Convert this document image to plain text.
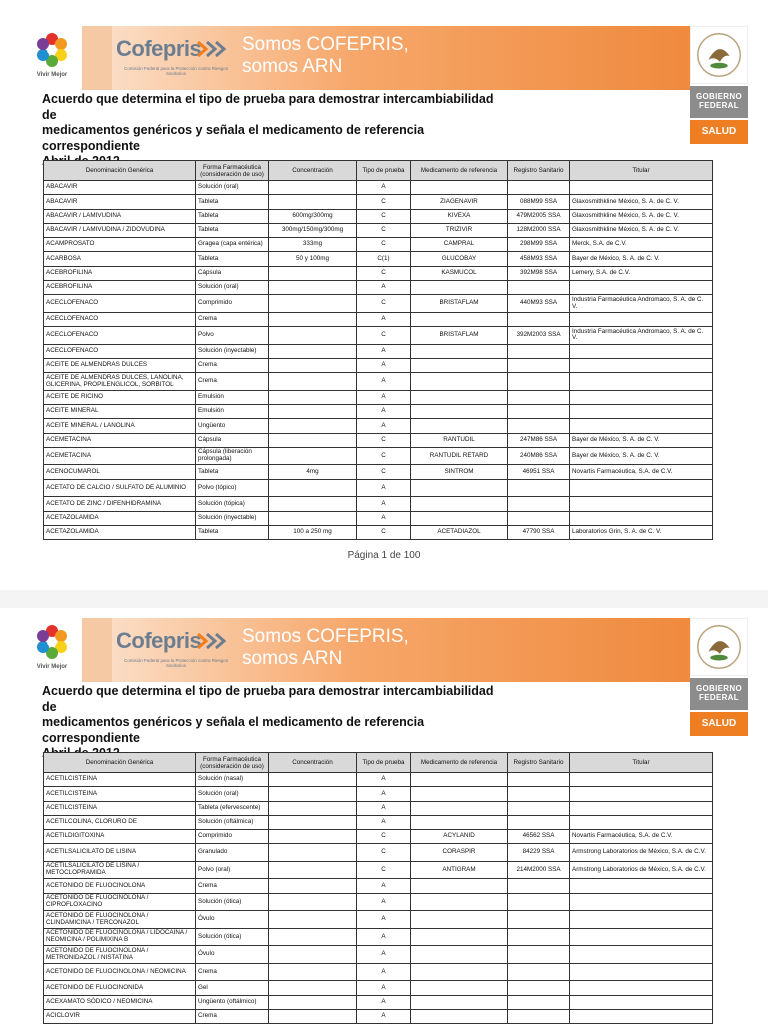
Vivir Mejor
Cofepris
Comisión Federal para la Protección contra Riesgos Sanitarios
Somos COFEPRIS,
somos ARN
GOBIERNO
FEDERAL
SALUD
Acuerdo que determina el tipo de prueba para demostrar intercambiabilidad de
medicamentos genéricos y señala el medicamento de referencia
correspondiente
Denominación Genérica	Forma Farmacéutica (consideración de uso)	Concentración	Tipo de prueba	Medicamento de referencia	Registro Sanitario	Titular
ABACAVIR	Solución (oral)		A			
ABACAVIR	Tableta		C	ZIAGENAVIR	088M99 SSA	Glaxosmithkline México, S. A. de C. V.
ABACAVIR / LAMIVUDINA	Tableta	600mg/300mg	C	KIVEXA	479M2005 SSA	Glaxosmithkline México, S. A. de C. V.
ABACAVIR / LAMIVUDINA / ZIDOVUDINA	Tableta	300mg/150mg/300mg	C	TRIZIVIR	128M2000 SSA	Glaxosmithkline México, S. A. de C. V.
ACAMPROSATO	Gragea (capa entérica)	333mg	C	CAMPRAL	298M99 SSA	Merck, S.A. de C.V.
ACARBOSA	Tableta	50 y 100mg	C(1)	GLUCOBAY	458M93 SSA	Bayer de México, S. A. de C. V.
ACEBROFILINA	Cápsula		C	KASMUCOL	392M98 SSA	Lemery, S.A. de C.V.
ACEBROFILINA	Solución (oral)		A			
ACECLOFENACO	Comprimido		C	BRISTAFLAM	440M93 SSA	Industria Farmacéutica Andromaco, S. A. de C. V.
ACECLOFENACO	Crema		A			
ACECLOFENACO	Polvo		C	BRISTAFLAM	392M2003 SSA	Industria Farmacéutica Andromaco, S. A. de C. V.
ACECLOFENACO	Solución (inyectable)		A			
ACEITE DE ALMENDRAS DULCES	Crema		A			
ACEITE DE ALMENDRAS DULCES, LANOLINA, GLICERINA, PROPILENGLICOL, SORBITOL	Crema		A			
ACEITE DE RICINO	Emulsión		A			
ACEITE MINERAL	Emulsión		A			
ACEITE MINERAL / LANOLINA	Ungüento		A			
ACEMETACINA	Cápsula		C	RANTUDIL	247M86 SSA	Bayer de México, S. A. de C. V.
ACEMETACINA	Cápsula (liberación prolongada)		C	RANTUDIL RETARD	240M86 SSA	Bayer de México, S. A. de C. V.
ACENOCUMAROL	Tableta	4mg	C	SINTROM	46951 SSA	Novartis Farmacéutica, S.A. de C.V.
ACETATO DE CALCIO / SULFATO DE ALUMINIO	Polvo (tópico)		A			
ACETATO DE ZINC / DIFENHIDRAMINA	Solución (tópica)		A			
ACETAZOLAMIDA	Solución (inyectable)		A			
ACETAZOLAMIDA	Tableta	100 a 250 mg	C	ACETADIAZOL	47790 SSA	Laboratorios Grin, S. A. de C. V.
Página 1 de 100
Vivir Mejor
Cofepris
Comisión Federal para la Protección contra Riesgos Sanitarios
Somos COFEPRIS,
somos ARN
GOBIERNO
FEDERAL
SALUD
Acuerdo que determina el tipo de prueba para demostrar intercambiabilidad de
medicamentos genéricos y señala el medicamento de referencia
correspondiente
Denominación Genérica	Forma Farmacéutica (consideración de uso)	Concentración	Tipo de prueba	Medicamento de referencia	Registro Sanitario	Titular
ACETILCISTEINA	Solución (nasal)		A			
ACETILCISTEINA	Solución (oral)		A			
ACETILCISTEINA	Tableta (efervescente)		A			
ACETILCOLINA, CLORURO DE	Solución (oftálmica)		A			
ACETILDIGITOXINA	Comprimido		C	ACYLANID	46562 SSA	Novartis Farmacéutica, S.A. de C.V.
ACETILSALICILATO DE LISINA	Granulado		C	CORASPIR	84229 SSA	Armstrong Laboratorios de México, S.A. de C.V.
ACETILSALICILATO DE LISINA / METOCLOPRAMIDA	Polvo (oral)		C	ANTIGRAM	214M2000 SSA	Armstrong Laboratorios de México, S.A. de C.V.
ACETONIDO DE FLUOCINOLONA	Crema		A			
ACETONIDO DE FLUOCINOLONA / CIPROFLOXACINO	Solución (ótica)		A			
ACETONIDO DE FLUOCINOLONA / CLINDAMICINA / TERCONAZOL	Óvulo		A			
ACETONIDO DE FLUOCINOLONA / LIDOCAINA / NEOMICINA / POLIMIXINA B	Solución (ótica)		A			
ACETONIDO DE FLUOCINOLONA / METRONIDAZOL / NISTATINA	Óvulo		A			
ACETONIDO DE FLUOCINOLONA / NEOMICINA	Crema		A			
ACETONIDO DE FLUOCINONIDA	Gel		A			
ACEXAMATO SÓDICO / NEOMICINA	Ungüento (oftálmico)		A			
ACICLOVIR	Crema		A			
